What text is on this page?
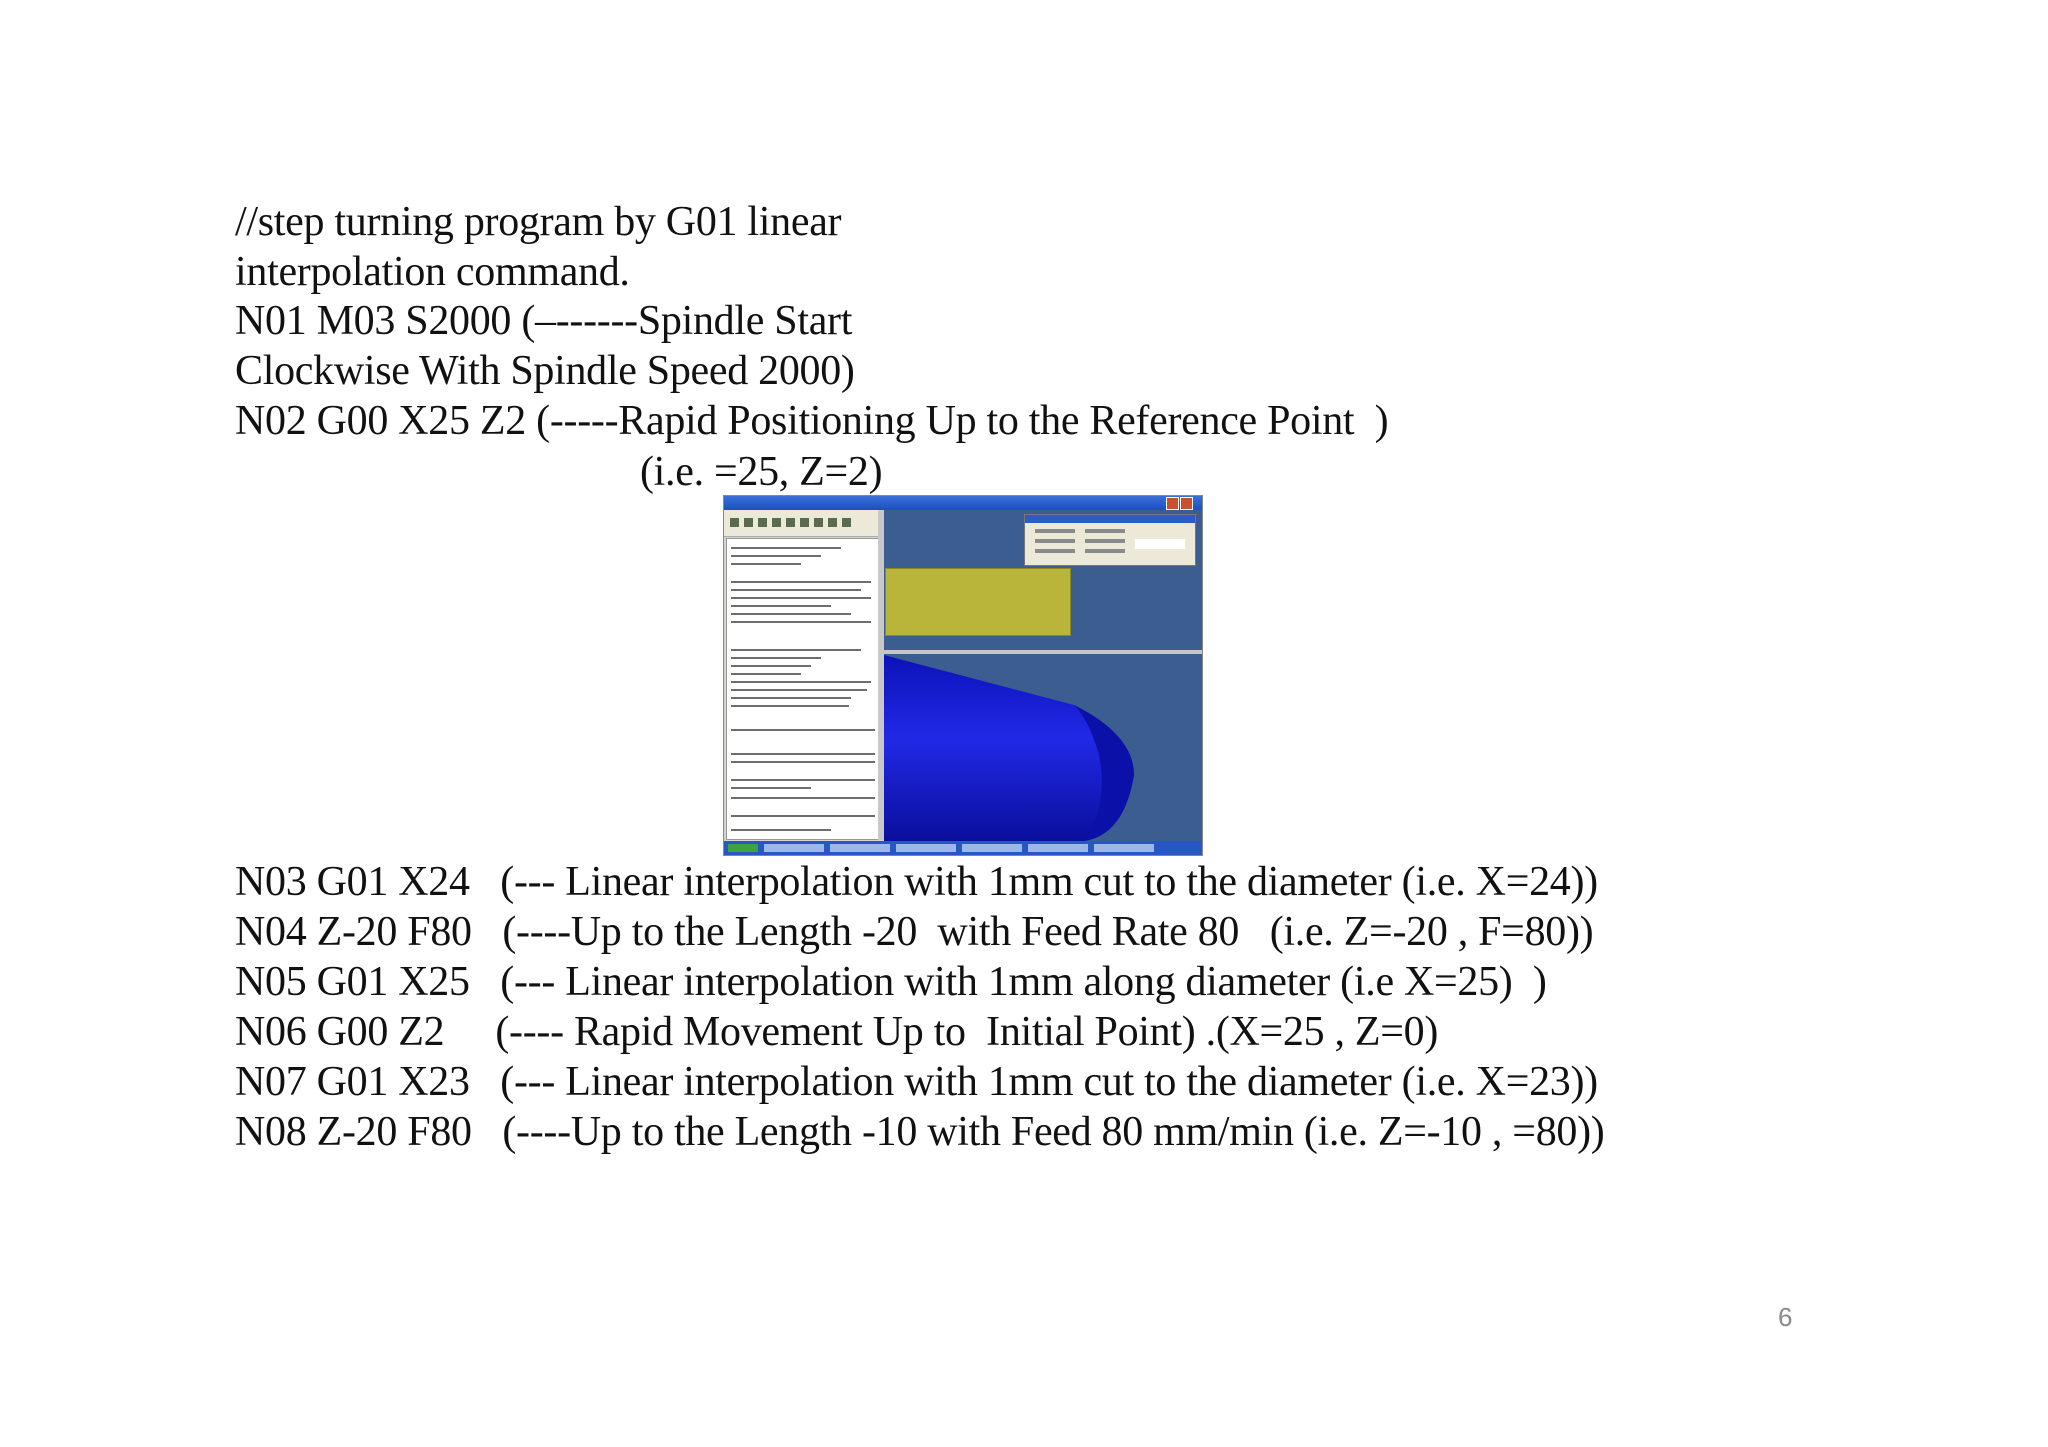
//step turning program by G01 linear
interpolation command.
N01 M03 S2000 (–------Spindle Start
Clockwise With Spindle Speed 2000)
N02 G00 X25 Z2 (-----Rapid Positioning Up to the Reference Point  )
(i.e. =25, Z=2)
N03 G01 X24   (--- Linear interpolation with 1mm cut to the diameter (i.e. X=24))
N04 Z-20 F80   (----Up to the Length -20  with Feed Rate 80   (i.e. Z=-20 , F=80))
N05 G01 X25   (--- Linear interpolation with 1mm along diameter (i.e X=25)  )
N06 G00 Z2     (---- Rapid Movement Up to  Initial Point) .(X=25 , Z=0)
N07 G01 X23   (--- Linear interpolation with 1mm cut to the diameter (i.e. X=23))
N08 Z-20 F80   (----Up to the Length -10 with Feed 80 mm/min (i.e. Z=-10 , =80))
6
